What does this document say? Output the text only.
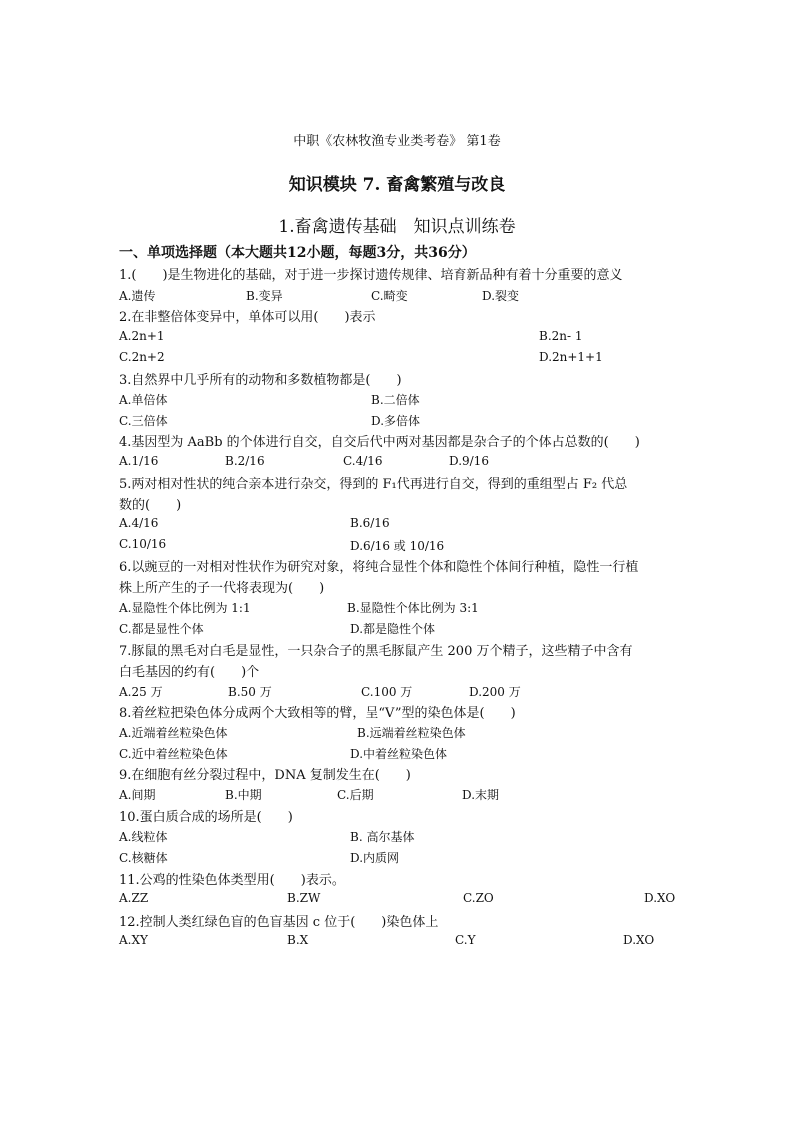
中职《农林牧渔专业类考卷》 第1卷
知识模块 7. 畜禽繁殖与改良
1.畜禽遗传基础　知识点训练卷
一、单项选择题（本大题共12小题，每题3分，共36分）
1.(　　)是生物进化的基础，对于进一步探讨遗传规律、培育新品种有着十分重要的意义
A.遗传	B.变异	C.畸变	D.裂变
2.在非整倍体变异中，单体可以用(　　)表示
A.2n+1	B.2n- 1
C.2n+2	D.2n+1+1
3.自然界中几乎所有的动物和多数植物都是(　　)
A.单倍体	B.二倍体
C.三倍体	D.多倍体
4.基因型为 AaBb 的个体进行自交，自交后代中两对基因都是杂合子的个体占总数的(　　)
A.1/16	B.2/16	C.4/16	D.9/16
5.两对相对性状的纯合亲本进行杂交，得到的 F₁代再进行自交，得到的重组型占 F₂ 代总
数的(　　)
A.4/16	B.6/16
C.10/16	D.6/16 或 10/16
6.以豌豆的一对相对性状作为研究对象，将纯合显性个体和隐性个体间行种植，隐性一行植
株上所产生的子一代将表现为(　　)
A.显隐性个体比例为 1:1	B.显隐性个体比例为 3:1
C.都是显性个体	D.都是隐性个体
7.豚鼠的黑毛对白毛是显性，一只杂合子的黑毛豚鼠产生 200 万个精子，这些精子中含有
白毛基因的约有(　　)个
A.25 万	B.50 万	C.100 万	D.200 万
8.着丝粒把染色体分成两个大致相等的臂，呈“V”型的染色体是(　　)
A.近端着丝粒染色体	B.远端着丝粒染色体
C.近中着丝粒染色体	D.中着丝粒染色体
9.在细胞有丝分裂过程中，DNA 复制发生在(　　)
A.间期	B.中期	C.后期	D.末期
10.蛋白质合成的场所是(　　)
A.线粒体	B. 高尔基体
C.核糖体	D.内质网
11.公鸡的性染色体类型用(　　)表示。
A.ZZ	B.ZW	C.ZO	D.XO
12.控制人类红绿色盲的色盲基因 c 位于(　　)染色体上
A.XY	B.X	C.Y	D.XO
